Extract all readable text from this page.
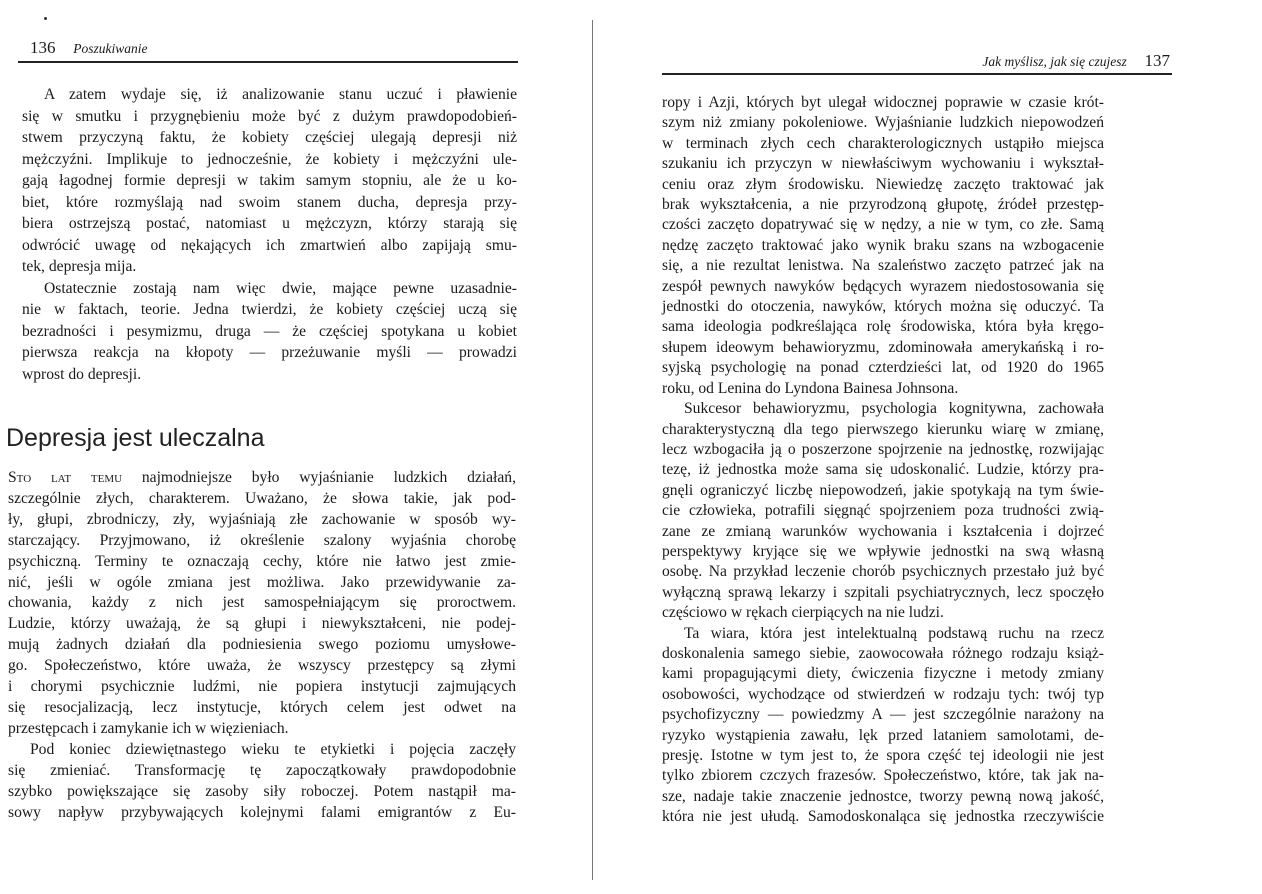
136 Poszukiwanie
A zatem wydaje się, iż analizowanie stanu uczuć i pławienie
się w smutku i przygnębieniu może być z dużym prawdopodobień-
stwem przyczyną faktu, że kobiety częściej ulegają depresji niż
mężczyźni. Implikuje to jednocześnie, że kobiety i mężczyźni ule-
gają łagodnej formie depresji w takim samym stopniu, ale że u ko-
biet, które rozmyślają nad swoim stanem ducha, depresja przy-
biera ostrzejszą postać, natomiast u mężczyzn, którzy starają się
odwrócić uwagę od nękających ich zmartwień albo zapijają smu-
tek, depresja mija.
Ostatecznie zostają nam więc dwie, mające pewne uzasadnie-
nie w faktach, teorie. Jedna twierdzi, że kobiety częściej uczą się
bezradności i pesymizmu, druga — że częściej spotykana u kobiet
pierwsza reakcja na kłopoty — przeżuwanie myśli — prowadzi
wprost do depresji.
Depresja jest uleczalna
Sto lat temu najmodniejsze było wyjaśnianie ludzkich działań,
szczególnie złych, charakterem. Uważano, że słowa takie, jak pod-
ły, głupi, zbrodniczy, zły, wyjaśniają złe zachowanie w sposób wy-
starczający. Przyjmowano, iż określenie szalony wyjaśnia chorobę
psychiczną. Terminy te oznaczają cechy, które nie łatwo jest zmie-
nić, jeśli w ogóle zmiana jest możliwa. Jako przewidywanie za-
chowania, każdy z nich jest samospełniającym się proroctwem.
Ludzie, którzy uważają, że są głupi i niewykształceni, nie podej-
mują żadnych działań dla podniesienia swego poziomu umysłowe-
go. Społeczeństwo, które uważa, że wszyscy przestępcy są złymi
i chorymi psychicznie ludźmi, nie popiera instytucji zajmujących
się resocjalizacją, lecz instytucje, których celem jest odwet na
przestępcach i zamykanie ich w więzieniach.
Pod koniec dziewiętnastego wieku te etykietki i pojęcia zaczęły
się zmieniać. Transformację tę zapoczątkowały prawdopodobnie
szybko powiększające się zasoby siły roboczej. Potem nastąpił ma-
sowy napływ przybywających kolejnymi falami emigrantów z Eu-
Jak myślisz, jak się czujesz 137
ropy i Azji, których byt ulegał widocznej poprawie w czasie krót-
szym niż zmiany pokoleniowe. Wyjaśnianie ludzkich niepowodzeń
w terminach złych cech charakterologicznych ustąpiło miejsca
szukaniu ich przyczyn w niewłaściwym wychowaniu i wykształ-
ceniu oraz złym środowisku. Niewiedzę zaczęto traktować jak
brak wykształcenia, a nie przyrodzoną głupotę, źródeł przestęp-
czości zaczęto dopatrywać się w nędzy, a nie w tym, co złe. Samą
nędzę zaczęto traktować jako wynik braku szans na wzbogacenie
się, a nie rezultat lenistwa. Na szaleństwo zaczęto patrzeć jak na
zespół pewnych nawyków będących wyrazem niedostosowania się
jednostki do otoczenia, nawyków, których można się oduczyć. Ta
sama ideologia podkreślająca rolę środowiska, która była kręgo-
słupem ideowym behawioryzmu, zdominowała amerykańską i ro-
syjską psychologię na ponad czterdzieści lat, od 1920 do 1965
roku, od Lenina do Lyndona Bainesa Johnsona.
Sukcesor behawioryzmu, psychologia kognitywna, zachowała
charakterystyczną dla tego pierwszego kierunku wiarę w zmianę,
lecz wzbogaciła ją o poszerzone spojrzenie na jednostkę, rozwijając
tezę, iż jednostka może sama się udoskonalić. Ludzie, którzy pra-
gnęli ograniczyć liczbę niepowodzeń, jakie spotykają na tym świe-
cie człowieka, potrafili sięgnąć spojrzeniem poza trudności zwią-
zane ze zmianą warunków wychowania i kształcenia i dojrzeć
perspektywy kryjące się we wpływie jednostki na swą własną
osobę. Na przykład leczenie chorób psychicznych przestało już być
wyłączną sprawą lekarzy i szpitali psychiatrycznych, lecz spoczęło
częściowo w rękach cierpiących na nie ludzi.
Ta wiara, która jest intelektualną podstawą ruchu na rzecz
doskonalenia samego siebie, zaowocowała różnego rodzaju książ-
kami propagującymi diety, ćwiczenia fizyczne i metody zmiany
osobowości, wychodzące od stwierdzeń w rodzaju tych: twój typ
psychofizyczny — powiedzmy A — jest szczególnie narażony na
ryzyko wystąpienia zawału, lęk przed lataniem samolotami, de-
presję. Istotne w tym jest to, że spora część tej ideologii nie jest
tylko zbiorem czczych frazesów. Społeczeństwo, które, tak jak na-
sze, nadaje takie znaczenie jednostce, tworzy pewną nową jakość,
która nie jest ułudą. Samodoskonaląca się jednostka rzeczywiście
